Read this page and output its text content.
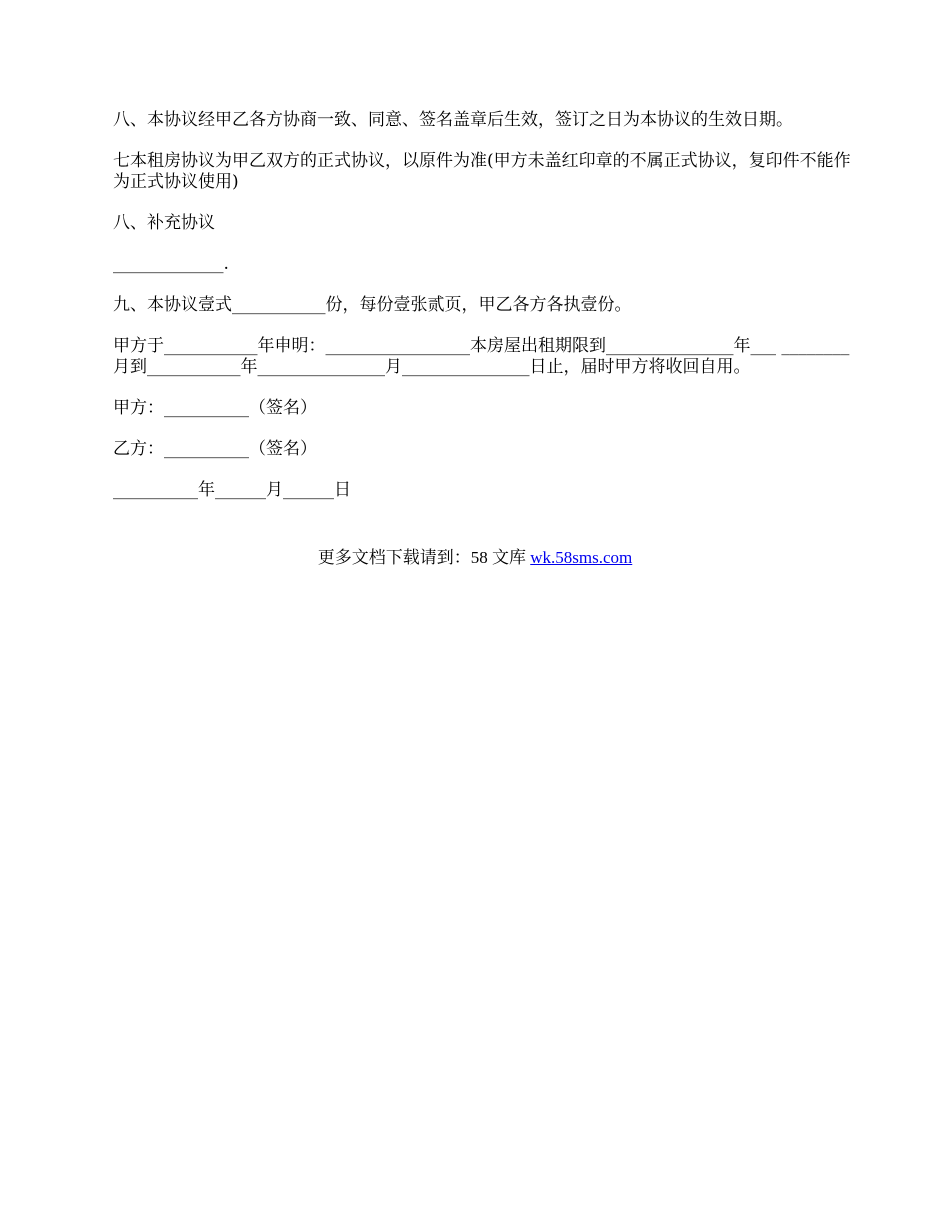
八、本协议经甲乙各方协商一致、同意、签名盖章后生效，签订之日为本协议的生效日期。

七本租房协议为甲乙双方的正式协议，以原件为准(甲方未盖红印章的不属正式协议，复印件不能作为正式协议使用)

八、补充协议

_____________.

九、本协议壹式___________份，每份壹张贰页，甲乙各方各执壹份。

甲方于___________年申明：_________________本房屋出租期限到_______________年___ ________月到___________年_______________月_______________日止，届时甲方将收回自用。

甲方：__________（签名）

乙方：__________（签名）

__________年______月______日

更多文档下载请到：58 文库 wk.58sms.com
